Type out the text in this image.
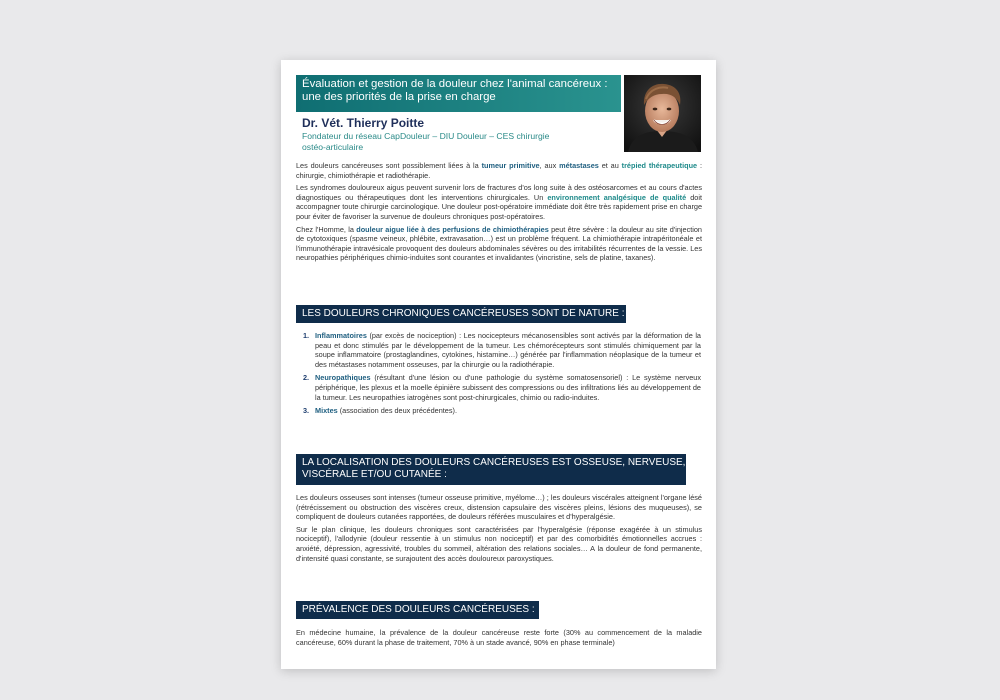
Évaluation et gestion de la douleur chez l'animal cancéreux :
une des priorités de la prise en charge
Dr. Vét. Thierry Poitte
Fondateur du réseau CapDouleur – DIU Douleur – CES chirurgie
ostéo-articulaire

Les douleurs cancéreuses sont possiblement liées à la tumeur primitive, aux métastases et au trépied thérapeutique : chirurgie, chimiothérapie et radiothérapie.

Les syndromes douloureux aigus peuvent survenir lors de fractures d'os long suite à des ostéosarcomes et au cours d'actes diagnostiques ou thérapeutiques dont les interventions chirurgicales. Un environnement analgésique de qualité doit accompagner toute chirurgie carcinologique. Une douleur post-opératoire immédiate doit être très rapidement prise en charge pour éviter de favoriser la survenue de douleurs chroniques post-opératoires.

Chez l'Homme, la douleur aigue liée à des perfusions de chimiothérapies peut être sévère : la douleur au site d'injection de cytotoxiques (spasme veineux, phlébite, extravasation…) est un problème fréquent. La chimiothérapie intrapéritonéale et l'immunothérapie intravésicale provoquent des douleurs abdominales sévères ou des irritabilités récurrentes de la vessie. Les neuropathies périphériques chimio-induites sont courantes et invalidantes (vincristine, sels de platine, taxanes).

LES DOULEURS CHRONIQUES CANCÉREUSES SONT DE NATURE :
1. Inflammatoires (par excès de nociception) : Les nocicepteurs mécanosensibles sont activés par la déformation de la peau et donc stimulés par le développement de la tumeur. Les chémorécepteurs sont stimulés chimiquement par la soupe inflammatoire (prostaglandines, cytokines, histamine…) générée par l'inflammation néoplasique de la tumeur et des métastases notamment osseuses, par la chirurgie ou la radiothérapie.
2. Neuropathiques (résultant d'une lésion ou d'une pathologie du système somatosensoriel) : Le système nerveux périphérique, les plexus et la moelle épinière subissent des compressions ou des infiltrations liés au développement de la tumeur. Les neuropathies iatrogènes sont post-chirurgicales, chimio ou radio-induites.
3. Mixtes (association des deux précédentes).
LA LOCALISATION DES DOULEURS CANCÉREUSES EST OSSEUSE, NERVEUSE,
VISCÉRALE ET/OU CUTANÉE :

Les douleurs osseuses sont intenses (tumeur osseuse primitive, myélome…) ; les douleurs viscérales atteignent l'organe lésé (rétrécissement ou obstruction des viscères creux, distension capsulaire des viscères pleins, lésions des muqueuses), se compliquent de douleurs cutanées rapportées, de douleurs référées musculaires et d'hyperalgésie.

Sur le plan clinique, les douleurs chroniques sont caractérisées par l'hyperalgésie (réponse exagérée à un stimulus nociceptif), l'allodynie (douleur ressentie à un stimulus non nociceptif) et par des comorbidités émotionnelles accrues : anxiété, dépression, agressivité, troubles du sommeil, altération des relations sociales… A la douleur de fond permanente, d'intensité quasi constante, se surajoutent des accès douloureux paroxystiques.

PRÉVALENCE DES DOULEURS CANCÉREUSES :

En médecine humaine, la prévalence de la douleur cancéreuse reste forte (30% au commencement de la maladie cancéreuse, 60% durant la phase de traitement, 70% à un stade avancé, 90% en phase terminale)
